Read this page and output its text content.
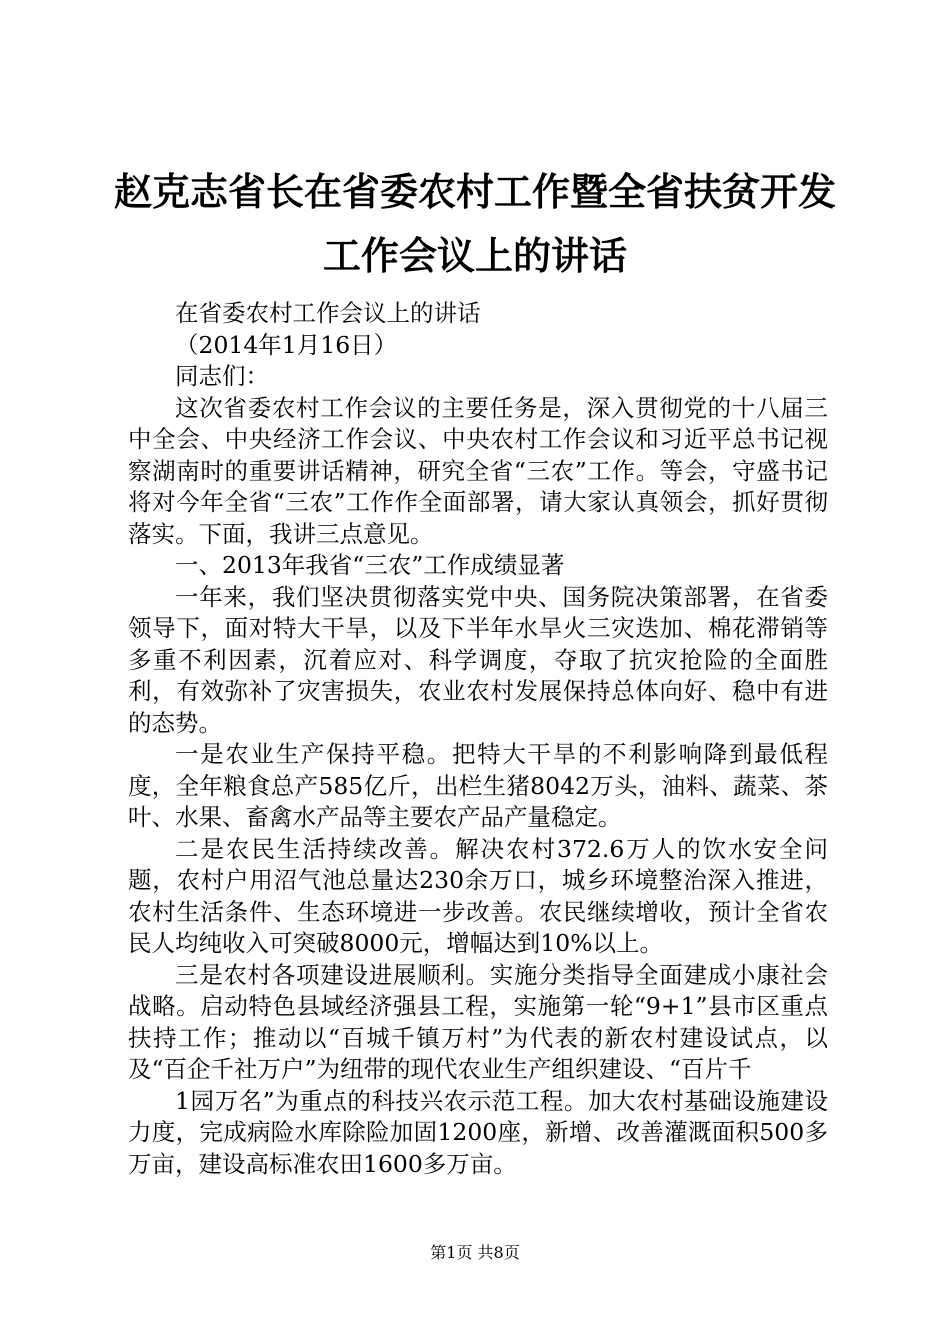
赵克志省长在省委农村工作暨全省扶贫开发工作会议上的讲话

在省委农村工作会议上的讲话

（2014年1月16日）

同志们：

这次省委农村工作会议的主要任务是，深入贯彻党的十八届三中全会、中央经济工作会议、中央农村工作会议和习近平总书记视察湖南时的重要讲话精神，研究全省“三农”工作。等会，守盛书记将对今年全省“三农”工作作全面部署，请大家认真领会，抓好贯彻落实。下面，我讲三点意见。

一、2013年我省“三农”工作成绩显著

一年来，我们坚决贯彻落实党中央、国务院决策部署，在省委领导下，面对特大干旱，以及下半年水旱火三灾迭加、棉花滞销等多重不利因素，沉着应对、科学调度，夺取了抗灾抢险的全面胜利，有效弥补了灾害损失，农业农村发展保持总体向好、稳中有进的态势。

一是农业生产保持平稳。把特大干旱的不利影响降到最低程度，全年粮食总产585亿斤，出栏生猪8042万头，油料、蔬菜、茶叶、水果、畜禽水产品等主要农产品产量稳定。

二是农民生活持续改善。解决农村372.6万人的饮水安全问题，农村户用沼气池总量达230余万口，城乡环境整治深入推进，农村生活条件、生态环境进一步改善。农民继续增收，预计全省农民人均纯收入可突破8000元，增幅达到10%以上。

三是农村各项建设进展顺利。实施分类指导全面建成小康社会战略。启动特色县域经济强县工程，实施第一轮“9+1”县市区重点扶持工作；推动以“百城千镇万村”为代表的新农村建设试点，以及“百企千社万户”为纽带的现代农业生产组织建设、“百片千

1园万名”为重点的科技兴农示范工程。加大农村基础设施建设力度，完成病险水库除险加固1200座，新增、改善灌溉面积500多万亩，建设高标准农田1600多万亩。

第1页 共8页
